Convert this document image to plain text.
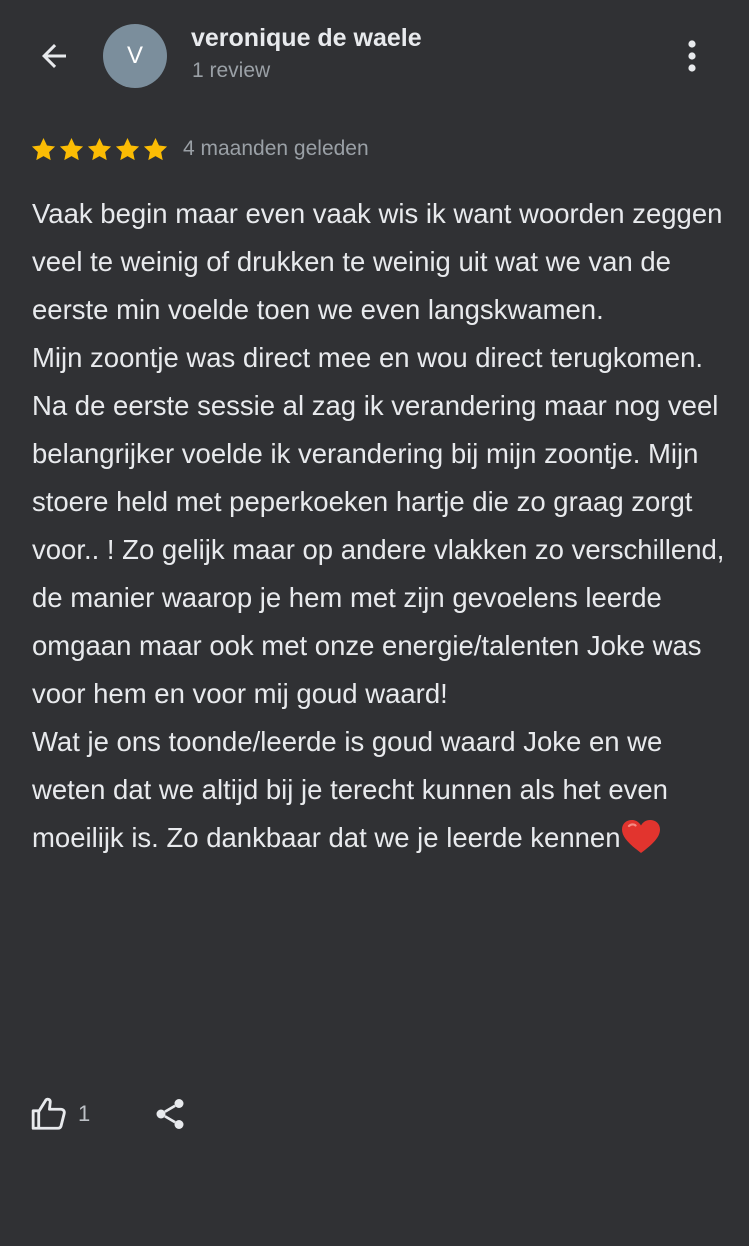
V
veronique de waele
1 review
4 maanden geleden

Vaak begin maar even vaak wis ik want woorden zeggen veel te weinig of drukken te weinig uit wat we van de eerste min voelde toen we even langskwamen.

Mijn zoontje was direct mee en wou direct terugkomen. Na de eerste sessie al zag ik verandering maar nog veel belangrijker voelde ik verandering bij mijn zoontje. Mijn stoere held met peperkoeken hartje die zo graag zorgt voor.. ! Zo gelijk maar op andere vlakken zo verschillend, de manier waarop je hem met zijn gevoelens leerde omgaan maar ook met onze energie/talenten Joke was voor hem en voor mij goud waard!

Wat je ons toonde/leerde is goud waard Joke en we weten dat we altijd bij je terecht kunnen als het even moeilijk is. Zo dankbaar dat we je leerde kennen

1
